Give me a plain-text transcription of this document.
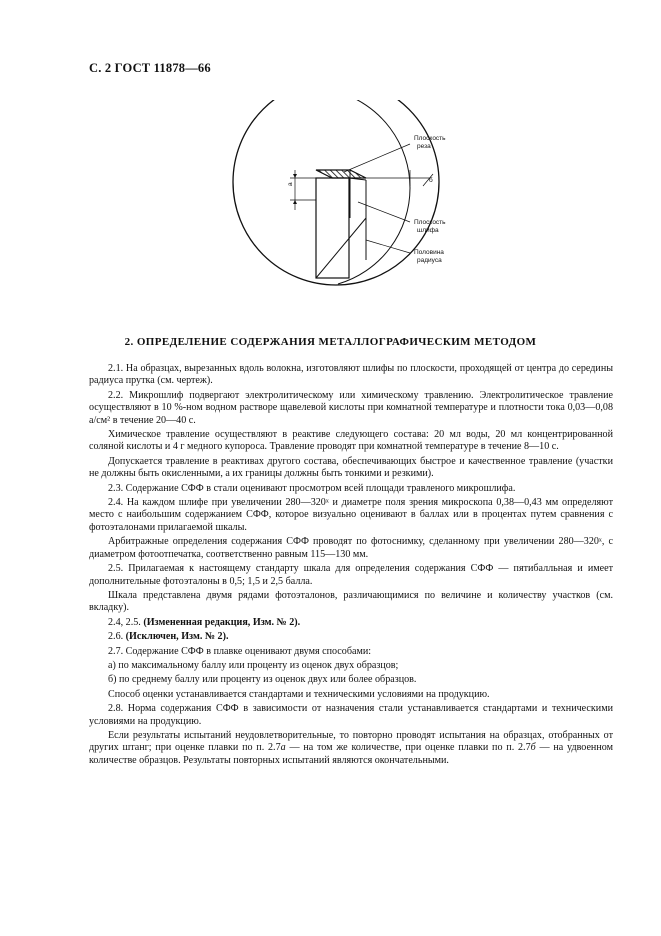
С. 2 ГОСТ 11878—66
а
б
Плоскость
реза
Плоскость
шлифа
Половина
радиуса
2. ОПРЕДЕЛЕНИЕ СОДЕРЖАНИЯ МЕТАЛЛОГРАФИЧЕСКИМ МЕТОДОМ

2.1. На образцах, вырезанных вдоль волокна, изготовляют шлифы по плоскости, проходящей от центра до середины радиуса прутка (см. чертеж).

2.2. Микрошлиф подвергают электролитическому или химическому травлению. Электролитическое травление осуществляют в 10 %-ном водном растворе щавелевой кислоты при комнатной температуре и плотности тока 0,03—0,08 а/см² в течение 20—40 с.

Химическое травление осуществляют в реактиве следующего состава: 20 мл воды, 20 мл концентрированной соляной кислоты и 4 г медного купороса. Травление проводят при комнатной температуре в течение 8—10 с.

Допускается травление в реактивах другого состава, обеспечивающих быстрое и качественное травление (участки не должны быть окисленными, а их границы должны быть тонкими и резкими).

2.3. Содержание СФФ в стали оценивают просмотром всей площади травленого микрошлифа.

2.4. На каждом шлифе при увеличении 280—320ˣ и диаметре поля зрения микроскопа 0,38—0,43 мм определяют место с наибольшим содержанием СФФ, которое визуально оценивают в баллах или в процентах путем сравнения с фотоэталонами прилагаемой шкалы.

Арбитражные определения содержания СФФ проводят по фотоснимку, сделанному при увеличении 280—320ˣ, с диаметром фотоотпечатка, соответственно равным 115—130 мм.

2.5. Прилагаемая к настоящему стандарту шкала для определения содержания СФФ — пятибалльная и имеет дополнительные фотоэталоны в 0,5; 1,5 и 2,5 балла.

Шкала представлена двумя рядами фотоэталонов, различающимися по величине и количеству участков (см. вкладку).

2.4, 2.5. (Измененная редакция, Изм. № 2).

2.6. (Исключен, Изм. № 2).

2.7. Содержание СФФ в плавке оценивают двумя способами:

а) по максимальному баллу или проценту из оценок двух образцов;

б) по среднему баллу или проценту из оценок двух или более образцов.

Способ оценки устанавливается стандартами и техническими условиями на продукцию.

2.8. Норма содержания СФФ в зависимости от назначения стали устанавливается стандартами и техническими условиями на продукцию.

Если результаты испытаний неудовлетворительные, то повторно проводят испытания на образцах, отобранных от других штанг; при оценке плавки по п. 2.7а — на том же количестве, при оценке плавки по п. 2.7б — на удвоенном количестве образцов. Результаты повторных испытаний являются окончательными.
